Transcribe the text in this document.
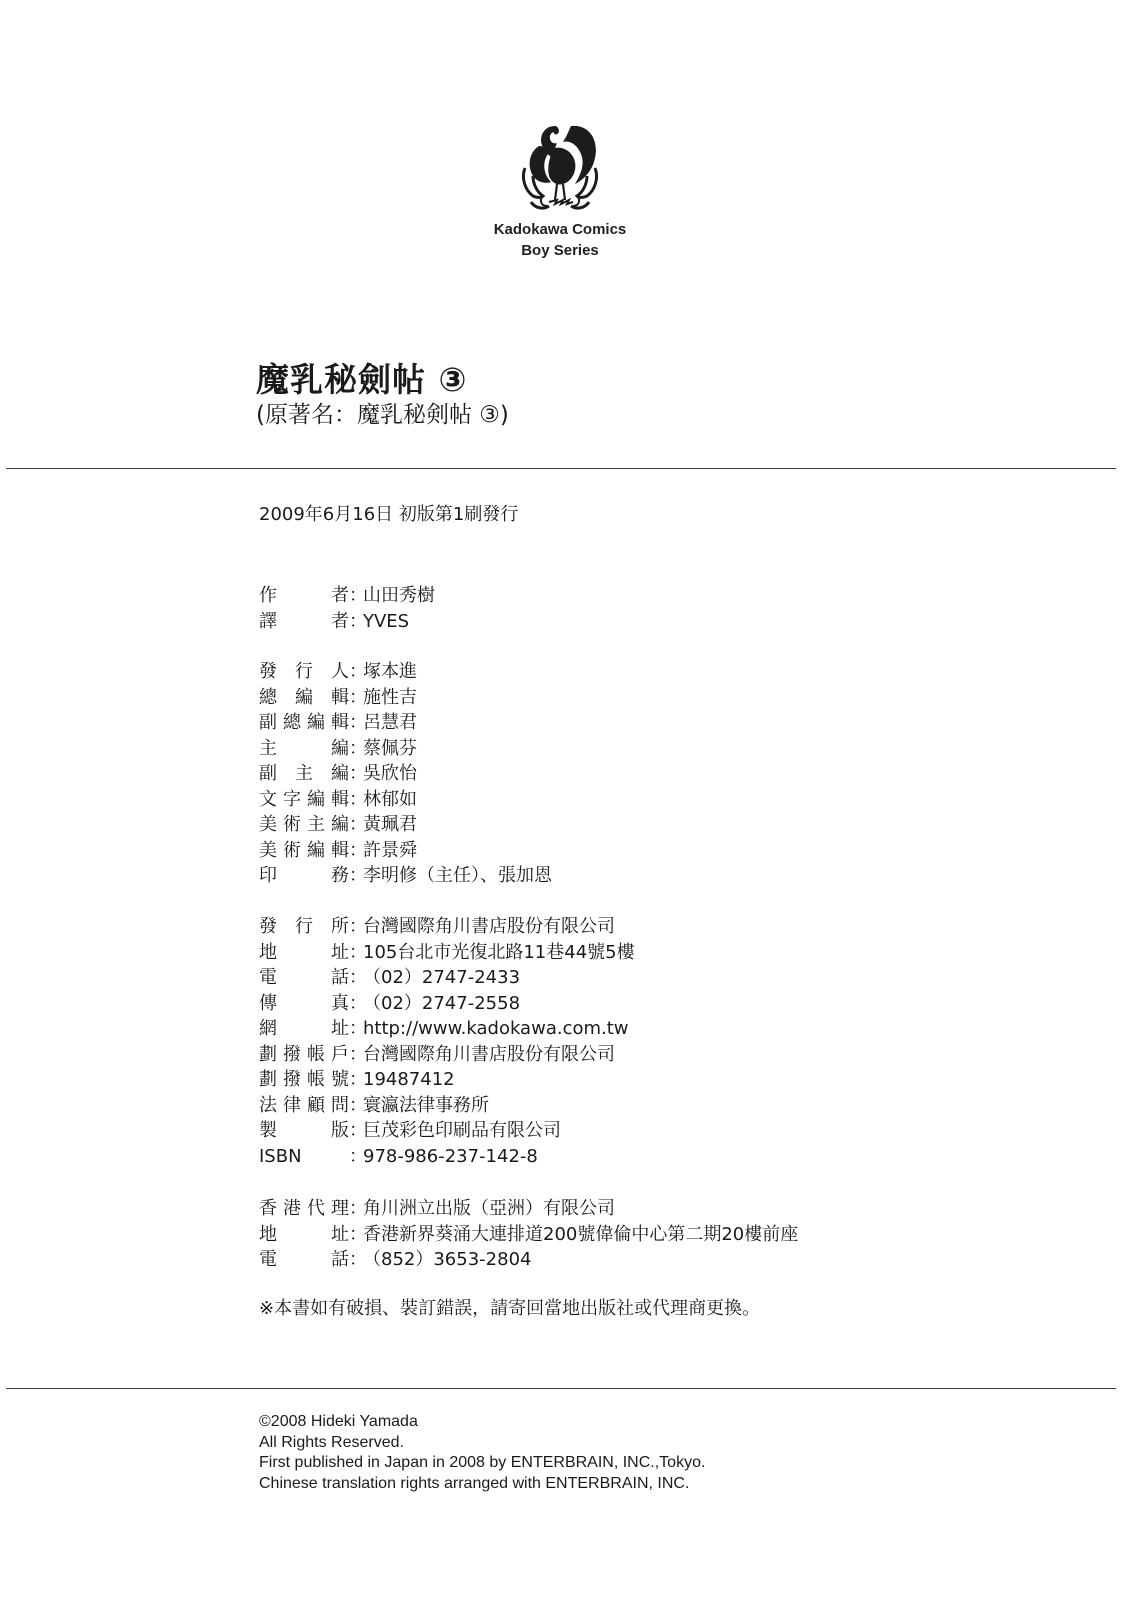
Kadokawa Comics
Boy Series
魔乳秘劍帖 ③
(原著名：魔乳秘剣帖 ③)
2009年6月16日 初版第1刷發行
作者 ：
山田秀樹
譯者 ：
YVES
發行人 ：
塚本進
總編輯 ：
施性吉
副總編輯 ：
呂慧君
主編 ：
蔡佩芬
副主編 ：
吳欣怡
文字編輯 ：
林郁如
美術主編 ：
黃珮君
美術編輯 ：
許景舜
印務 ：
李明修（主任）、張加恩
發行所 ：
台灣國際角川書店股份有限公司
地址 ：
105台北市光復北路11巷44號5樓
電話 ：
（02）2747-2433
傳真 ：
（02）2747-2558
網址 ：
http://www.kadokawa.com.tw
劃撥帳戶 ：
台灣國際角川書店股份有限公司
劃撥帳號 ：
19487412
法律顧問 ：
寰瀛法律事務所
製版 ：
巨茂彩色印刷品有限公司
ISBN	：
978-986-237-142-8
香港代理 ：
角川洲立出版（亞洲）有限公司
地址 ：
香港新界葵涌大連排道200號偉倫中心第二期20樓前座
電話 ：
（852）3653-2804
※本書如有破損、裝訂錯誤，請寄回當地出版社或代理商更換。
©2008 Hideki Yamada
All Rights Reserved.
First published in Japan in 2008 by ENTERBRAIN, INC.,Tokyo.
Chinese translation rights arranged with ENTERBRAIN, INC.
